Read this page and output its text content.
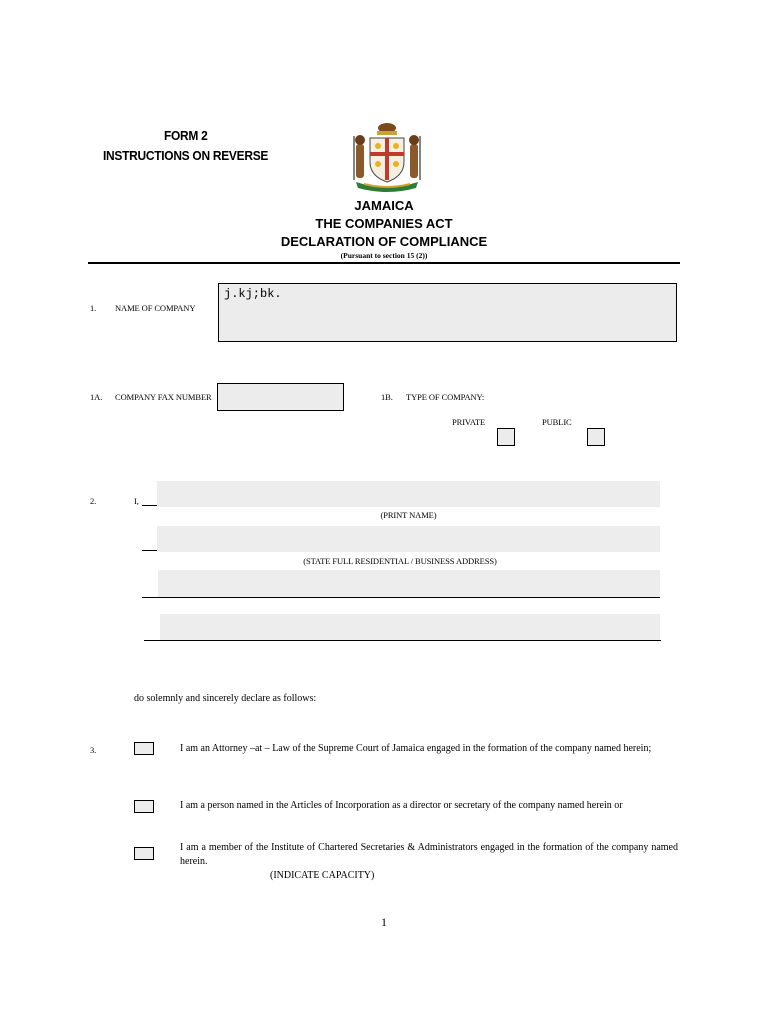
FORM 2
INSTRUCTIONS ON REVERSE
JAMAICA
THE COMPANIES ACT
DECLARATION OF COMPLIANCE
(Pursuant to section 15 (2))
1. NAME OF COMPANY
j.kj;bk.
1A. COMPANY FAX NUMBER	1B. TYPE OF COMPANY:
PRIVATE	PUBLIC
2.	I,
(PRINT NAME)
(STATE FULL RESIDENTIAL / BUSINESS ADDRESS)
do solemnly and sincerely declare as follows:
3.	I am an Attorney –at – Law of the Supreme Court of Jamaica engaged in the formation of the company named herein;
I am a person named in the Articles of Incorporation as a director or secretary of the company named herein or
I am a member of the Institute of Chartered Secretaries & Administrators engaged in the formation of the company named herein.
(INDICATE CAPACITY)
1
